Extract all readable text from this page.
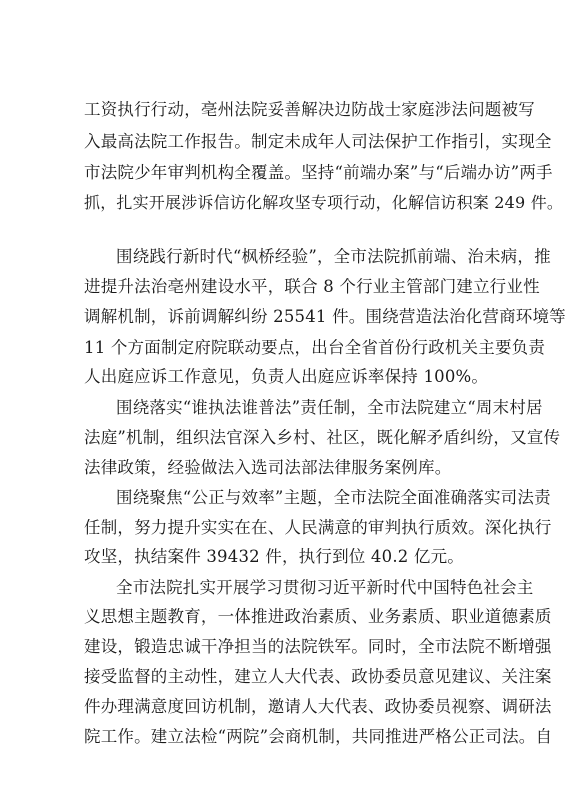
工资执行行动，亳州法院妥善解决边防战士家庭涉法问题被写
入最高法院工作报告。制定未成年人司法保护工作指引，实现全
市法院少年审判机构全覆盖。坚持“前端办案”与“后端办访”两手
抓，扎实开展涉诉信访化解攻坚专项行动，化解信访积案 249 件。
围绕践行新时代“枫桥经验”，全市法院抓前端、治未病，推
进提升法治亳州建设水平，联合 8 个行业主管部门建立行业性
调解机制，诉前调解纠纷 25541 件。围绕营造法治化营商环境等
11 个方面制定府院联动要点，出台全省首份行政机关主要负责
人出庭应诉工作意见，负责人出庭应诉率保持 100%。
围绕落实“谁执法谁普法”责任制，全市法院建立“周末村居
法庭”机制，组织法官深入乡村、社区，既化解矛盾纠纷，又宣传
法律政策，经验做法入选司法部法律服务案例库。
围绕聚焦“公正与效率”主题，全市法院全面准确落实司法责
任制，努力提升实实在在、人民满意的审判执行质效。深化执行
攻坚，执结案件 39432 件，执行到位 40.2 亿元。
全市法院扎实开展学习贯彻习近平新时代中国特色社会主
义思想主题教育，一体推进政治素质、业务素质、职业道德素质
建设，锻造忠诚干净担当的法院铁军。同时，全市法院不断增强
接受监督的主动性，建立人大代表、政协委员意见建议、关注案
件办理满意度回访机制，邀请人大代表、政协委员视察、调研法
院工作。建立法检“两院”会商机制，共同推进严格公正司法。自
